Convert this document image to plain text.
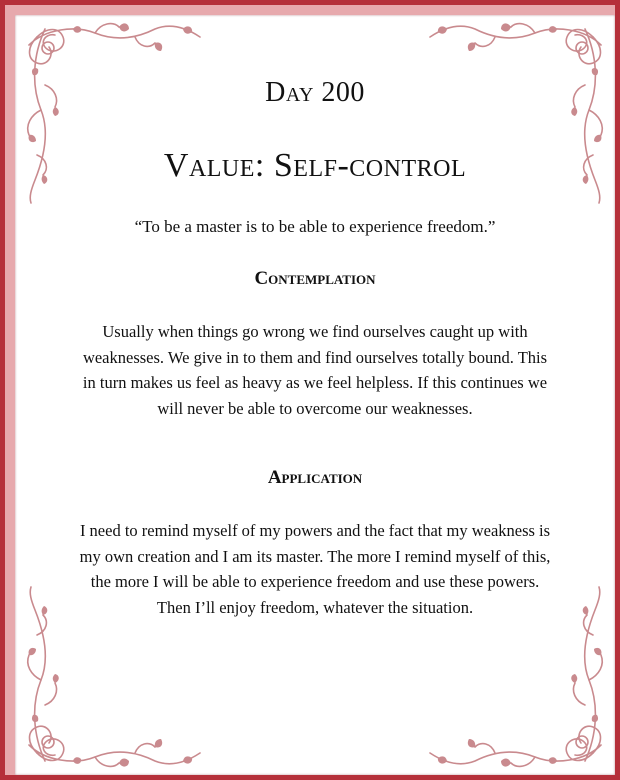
Day 200
Value: Self-control
“To be a master is to be able to experience freedom.”
Contemplation
Usually when things go wrong we find ourselves caught up with weaknesses. We give in to them and find ourselves totally bound. This in turn makes us feel as heavy as we feel helpless. If this continues we will never be able to overcome our weaknesses.
Application
I need to remind myself of my powers and the fact that my weakness is my own creation and I am its master. The more I remind myself of this, the more I will be able to experience freedom and use these powers. Then I’ll enjoy freedom, whatever the situation.
